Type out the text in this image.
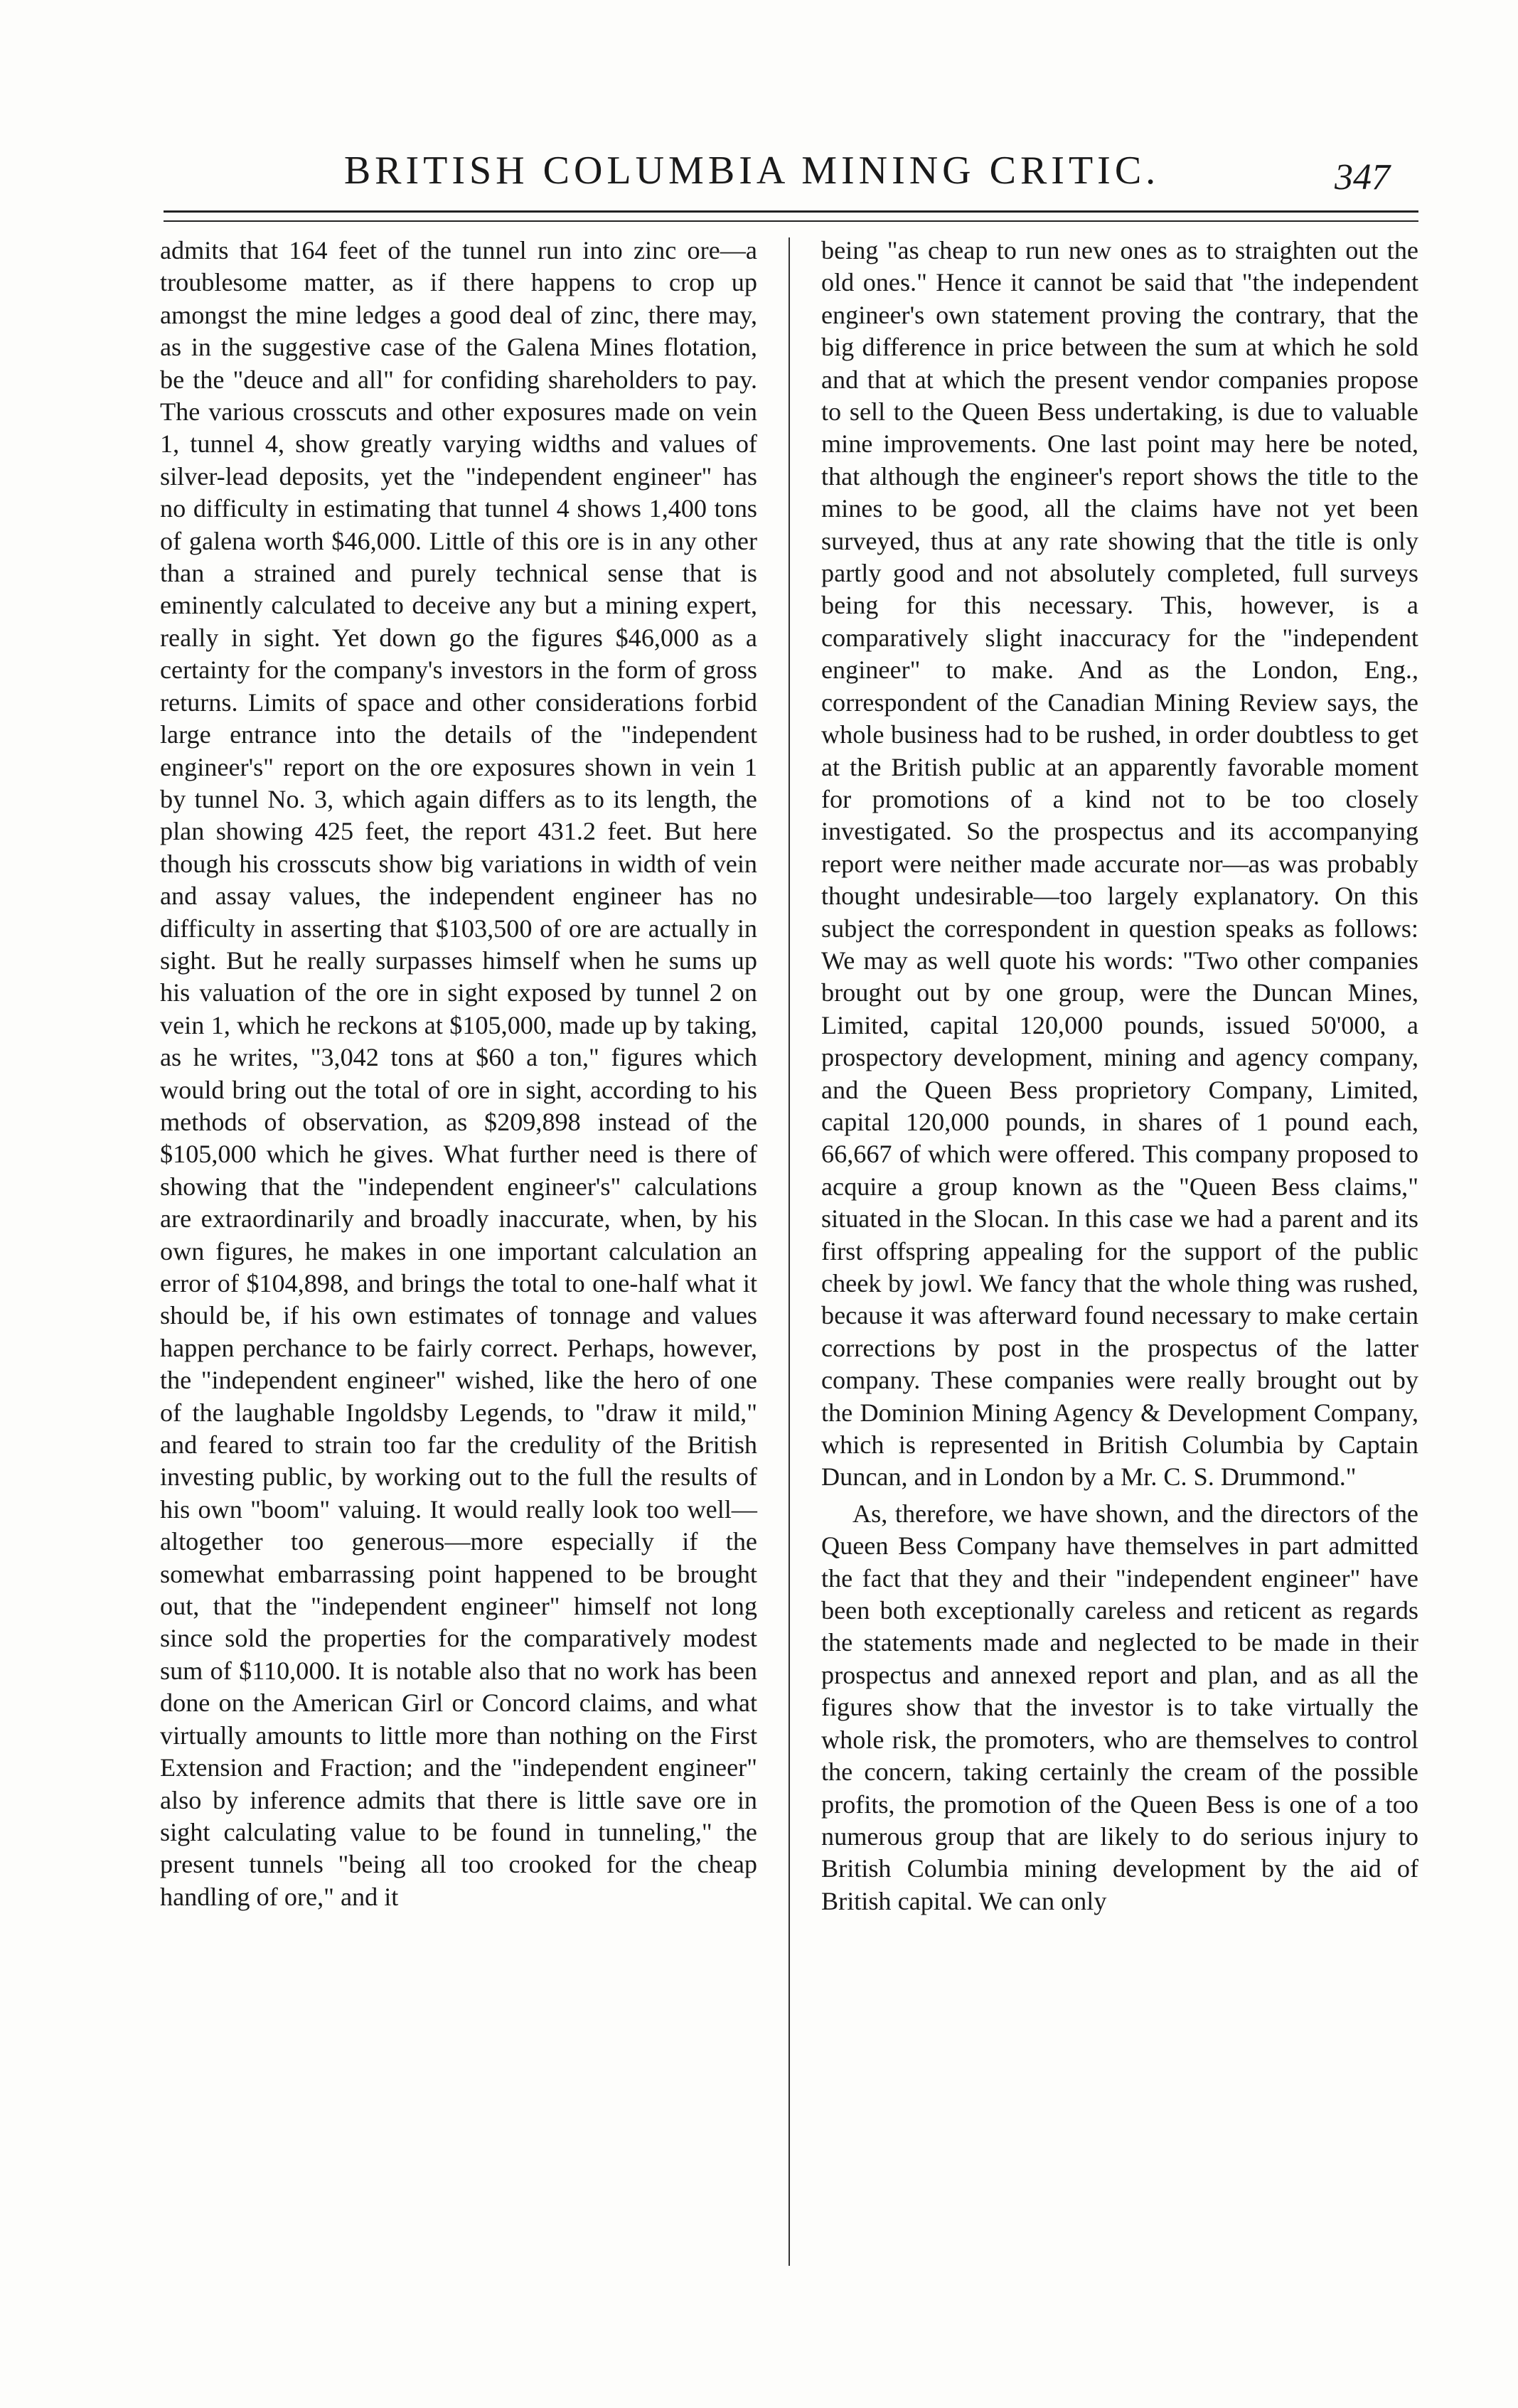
BRITISH COLUMBIA MINING CRITIC.	347

admits that 164 feet of the tunnel run into zinc ore—a troublesome matter, as if there happens to crop up amongst the mine ledges a good deal of zinc, there may, as in the suggestive case of the Galena Mines flotation, be the "deuce and all" for confiding shareholders to pay. The various crosscuts and other exposures made on vein 1, tunnel 4, show greatly varying widths and values of silver-lead deposits, yet the "independent engineer" has no difficulty in estimating that tunnel 4 shows 1,400 tons of galena worth $46,000. Little of this ore is in any other than a strained and purely technical sense that is eminently calculated to deceive any but a mining expert, really in sight. Yet down go the figures $46,000 as a certainty for the company's investors in the form of gross returns. Limits of space and other considerations forbid large entrance into the details of the "independent engineer's" report on the ore exposures shown in vein 1 by tunnel No. 3, which again differs as to its length, the plan showing 425 feet, the report 431.2 feet. But here though his crosscuts show big variations in width of vein and assay values, the independent engineer has no difficulty in asserting that $103,500 of ore are actually in sight. But he really surpasses himself when he sums up his valuation of the ore in sight exposed by tunnel 2 on vein 1, which he reckons at $105,000, made up by taking, as he writes, "3,042 tons at $60 a ton," figures which would bring out the total of ore in sight, according to his methods of observation, as $209,898 instead of the $105,000 which he gives. What further need is there of showing that the "independent engineer's" calculations are extraordinarily and broadly inaccurate, when, by his own figures, he makes in one important calculation an error of $104,898, and brings the total to one-half what it should be, if his own estimates of tonnage and values happen perchance to be fairly correct. Perhaps, however, the "independent engineer" wished, like the hero of one of the laughable Ingoldsby Legends, to "draw it mild," and feared to strain too far the credulity of the British investing public, by working out to the full the results of his own "boom" valuing. It would really look too well—altogether too generous—more especially if the somewhat embarrassing point happened to be brought out, that the "independent engineer" himself not long since sold the properties for the comparatively modest sum of $110,000. It is notable also that no work has been done on the American Girl or Concord claims, and what virtually amounts to little more than nothing on the First Extension and Fraction; and the "independent engineer" also by inference admits that there is little save ore in sight calculating value to be found in tunneling," the present tunnels "being all too crooked for the cheap handling of ore," and it

being "as cheap to run new ones as to straighten out the old ones." Hence it cannot be said that "the independent engineer's own statement proving the contrary, that the big difference in price between the sum at which he sold and that at which the present vendor companies propose to sell to the Queen Bess undertaking, is due to valuable mine improvements. One last point may here be noted, that although the engineer's report shows the title to the mines to be good, all the claims have not yet been surveyed, thus at any rate showing that the title is only partly good and not absolutely completed, full surveys being for this necessary. This, however, is a comparatively slight inaccuracy for the "independent engineer" to make. And as the London, Eng., correspondent of the Canadian Mining Review says, the whole business had to be rushed, in order doubtless to get at the British public at an apparently favorable moment for promotions of a kind not to be too closely investigated. So the prospectus and its accompanying report were neither made accurate nor—as was probably thought undesirable—too largely explanatory. On this subject the correspondent in question speaks as follows: We may as well quote his words: "Two other companies brought out by one group, were the Duncan Mines, Limited, capital 120,000 pounds, issued 50'000, a prospectory development, mining and agency company, and the Queen Bess proprietory Company, Limited, capital 120,000 pounds, in shares of 1 pound each, 66,667 of which were offered. This company proposed to acquire a group known as the "Queen Bess claims," situated in the Slocan. In this case we had a parent and its first offspring appealing for the support of the public cheek by jowl. We fancy that the whole thing was rushed, because it was afterward found necessary to make certain corrections by post in the prospectus of the latter company. These companies were really brought out by the Dominion Mining Agency & Development Company, which is represented in British Columbia by Captain Duncan, and in London by a Mr. C. S. Drummond."

As, therefore, we have shown, and the directors of the Queen Bess Company have themselves in part admitted the fact that they and their "independent engineer" have been both exceptionally careless and reticent as regards the statements made and neglected to be made in their prospectus and annexed report and plan, and as all the figures show that the investor is to take virtually the whole risk, the promoters, who are themselves to control the concern, taking certainly the cream of the possible profits, the promotion of the Queen Bess is one of a too numerous group that are likely to do serious injury to British Columbia mining development by the aid of British capital. We can only
